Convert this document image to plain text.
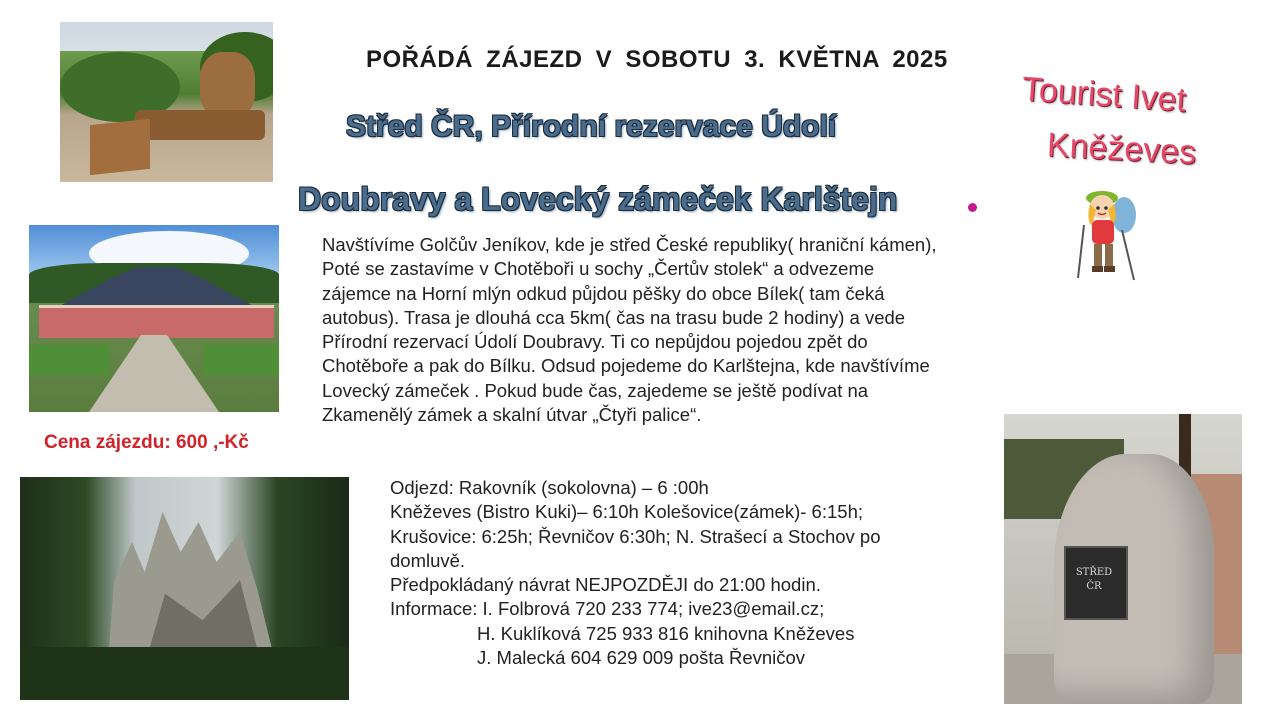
STŘED
ČR
POŘÁDÁ ZÁJEZD V SOBOTU 3. KVĚTNA 2025
Střed ČR, Přírodní rezervace Údolí
Doubravy a Lovecký zámeček Karlštejn
Tourist Ivet
Kněževes
Cena zájezdu: 600 ,-Kč
Navštívíme Golčův Jeníkov, kde je střed České republiky( hraniční kámen),
Poté se zastavíme v Chotěboři u sochy „Čertův stolek“ a odvezeme
zájemce na Horní mlýn odkud půjdou pěšky do obce Bílek( tam čeká
autobus). Trasa je dlouhá cca 5km( čas na trasu bude 2 hodiny) a vede
Přírodní rezervací Údolí Doubravy. Ti co nepůjdou pojedou zpět do
Chotěboře a pak do Bílku. Odsud pojedeme do Karlštejna, kde navštívíme
Lovecký zámeček . Pokud bude čas, zajedeme se ještě podívat na
Zkamenělý zámek a skalní útvar „Čtyři palice“.
Odjezd: Rakovník (sokolovna) – 6 :00h
Kněževes (Bistro Kuki)– 6:10h Kolešovice(zámek)- 6:15h;
Krušovice: 6:25h; Řevničov 6:30h; N. Strašecí a Stochov po
domluvě.
Předpokládaný návrat NEJPOZDĚJI do 21:00 hodin.
Informace: I. Folbrová 720 233 774; ive23@email.cz;
H. Kuklíková 725 933 816 knihovna Kněževes
J. Malecká 604 629 009 pošta Řevničov
